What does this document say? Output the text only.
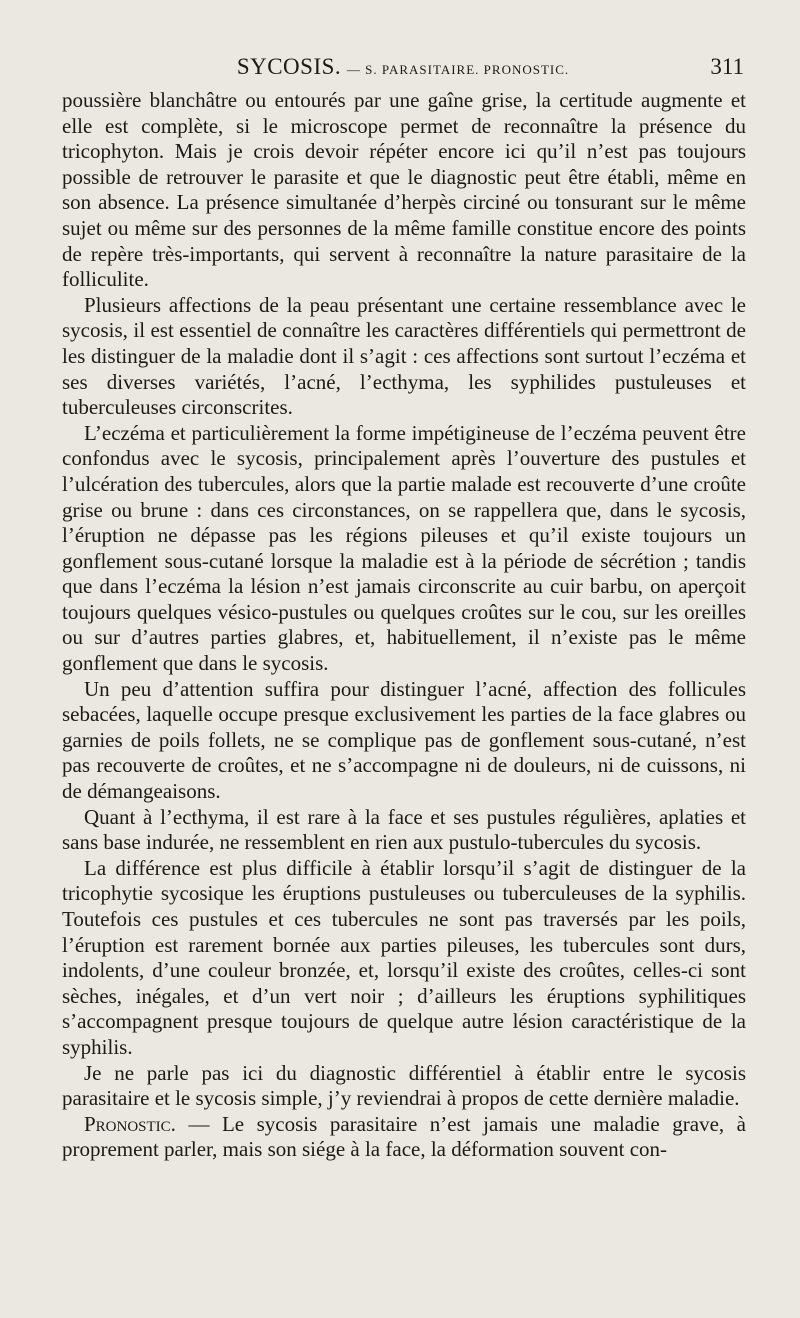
SYCOSIS. — S. PARASITAIRE. PRONOSTIC.	311

poussière blanchâtre ou entourés par une gaîne grise, la certitude augmente et elle est complète, si le microscope permet de reconnaître la présence du tricophyton. Mais je crois devoir répéter encore ici qu’il n’est pas toujours possible de retrouver le parasite et que le diagnostic peut être établi, même en son absence. La présence simultanée d’herpès circiné ou tonsurant sur le même sujet ou même sur des personnes de la même famille constitue encore des points de repère très-importants, qui servent à reconnaître la nature parasitaire de la folliculite.

Plusieurs affections de la peau présentant une certaine ressemblance avec le sycosis, il est essentiel de connaître les caractères différentiels qui permettront de les distinguer de la maladie dont il s’agit : ces affections sont surtout l’eczéma et ses diverses variétés, l’acné, l’ecthyma, les syphilides pustuleuses et tuberculeuses circonscrites.

L’eczéma et particulièrement la forme impétigineuse de l’eczéma peuvent être confondus avec le sycosis, principalement après l’ouverture des pustules et l’ulcération des tubercules, alors que la partie malade est recouverte d’une croûte grise ou brune : dans ces circonstances, on se rappellera que, dans le sycosis, l’éruption ne dépasse pas les régions pileuses et qu’il existe toujours un gonflement sous-cutané lorsque la maladie est à la période de sécrétion ; tandis que dans l’eczéma la lésion n’est jamais circonscrite au cuir barbu, on aperçoit toujours quelques vésico-pustules ou quelques croûtes sur le cou, sur les oreilles ou sur d’autres parties glabres, et, habituellement, il n’existe pas le même gonflement que dans le sycosis.

Un peu d’attention suffira pour distinguer l’acné, affection des follicules sebacées, laquelle occupe presque exclusivement les parties de la face glabres ou garnies de poils follets, ne se complique pas de gonflement sous-cutané, n’est pas recouverte de croûtes, et ne s’accompagne ni de douleurs, ni de cuissons, ni de démangeaisons.

Quant à l’ecthyma, il est rare à la face et ses pustules régulières, aplaties et sans base indurée, ne ressemblent en rien aux pustulo-tubercules du sycosis.

La différence est plus difficile à établir lorsqu’il s’agit de distinguer de la tricophytie sycosique les éruptions pustuleuses ou tuberculeuses de la syphilis. Toutefois ces pustules et ces tubercules ne sont pas traversés par les poils, l’éruption est rarement bornée aux parties pileuses, les tubercules sont durs, indolents, d’une couleur bronzée, et, lorsqu’il existe des croûtes, celles-ci sont sèches, inégales, et d’un vert noir ; d’ailleurs les éruptions syphilitiques s’accompagnent presque toujours de quelque autre lésion caractéristique de la syphilis.

Je ne parle pas ici du diagnostic différentiel à établir entre le sycosis parasitaire et le sycosis simple, j’y reviendrai à propos de cette dernière maladie.

Pronostic. — Le sycosis parasitaire n’est jamais une maladie grave, à proprement parler, mais son siége à la face, la déformation souvent con-
